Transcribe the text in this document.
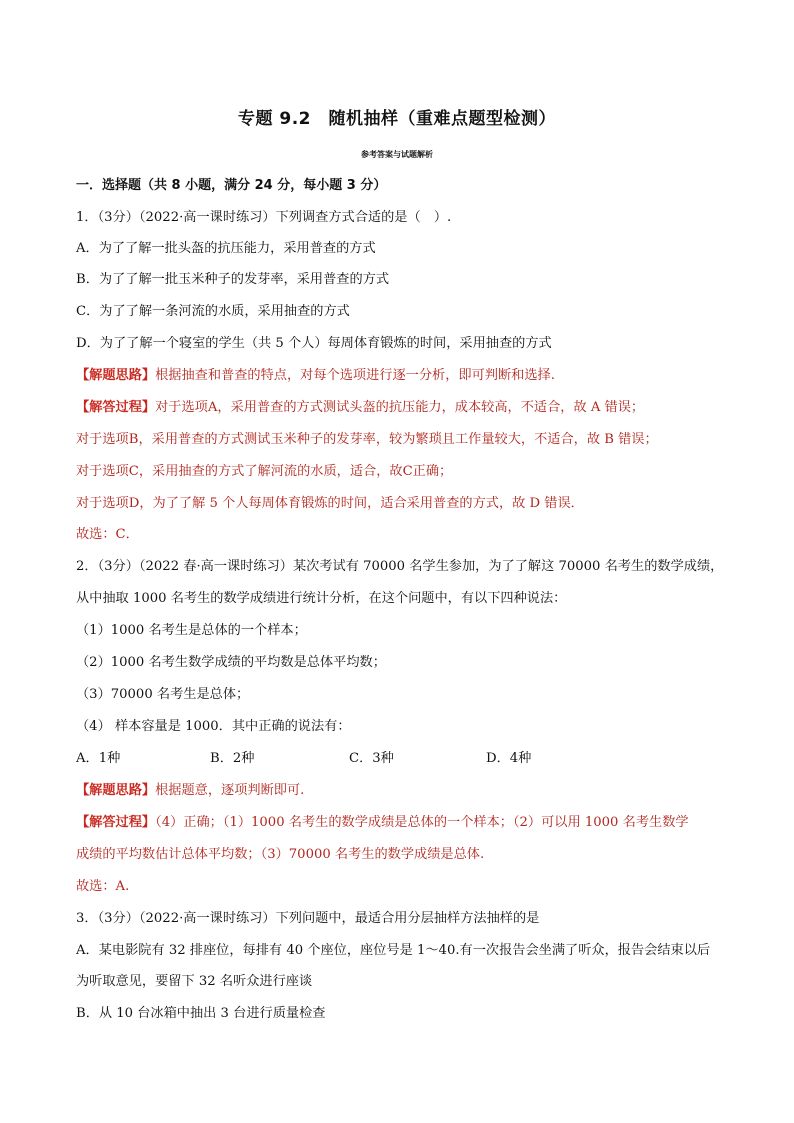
专题 9.2　随机抽样（重难点题型检测）
参考答案与试题解析
一．选择题（共 8 小题，满分 24 分，每小题 3 分）
1．（3分）（2022·高一课时练习）下列调查方式合适的是（　）.
A．为了了解一批头盔的抗压能力，采用普查的方式
B．为了了解一批玉米种子的发芽率，采用普查的方式
C．为了了解一条河流的水质，采用抽查的方式
D．为了了解一个寝室的学生（共 5 个人）每周体育锻炼的时间，采用抽查的方式
【解题思路】根据抽查和普查的特点，对每个选项进行逐一分析，即可判断和选择.
【解答过程】对于选项A，采用普查的方式测试头盔的抗压能力，成本较高，不适合，故 A 错误；
对于选项B，采用普查的方式测试玉米种子的发芽率，较为繁琐且工作量较大，不适合，故 B 错误；
对于选项C，采用抽查的方式了解河流的水质，适合，故C正确；
对于选项D，为了了解 5 个人每周体育锻炼的时间，适合采用普查的方式，故 D 错误．
故选：C．
2．（3分）（2022 春·高一课时练习）某次考试有 70000 名学生参加，为了了解这 70000 名考生的数学成绩，
从中抽取 1000 名考生的数学成绩进行统计分析，在这个问题中，有以下四种说法：
（1）1000 名考生是总体的一个样本；
（2）1000 名考生数学成绩的平均数是总体平均数；
（3）70000 名考生是总体；
（4） 样本容量是 1000．其中正确的说法有：
A．1种	B．2种	C．3种	D．4种
【解题思路】根据题意，逐项判断即可.
【解答过程】（4）正确；（1）1000 名考生的数学成绩是总体的一个样本；（2）可以用 1000 名考生数学
成绩的平均数估计总体平均数；（3）70000 名考生的数学成绩是总体.
故选：A.
3．（3分）（2022·高一课时练习）下列问题中，最适合用分层抽样方法抽样的是
A．某电影院有 32 排座位，每排有 40 个座位，座位号是 1～40.有一次报告会坐满了听众，报告会结束以后
为听取意见，要留下 32 名听众进行座谈
B．从 10 台冰箱中抽出 3 台进行质量检查
